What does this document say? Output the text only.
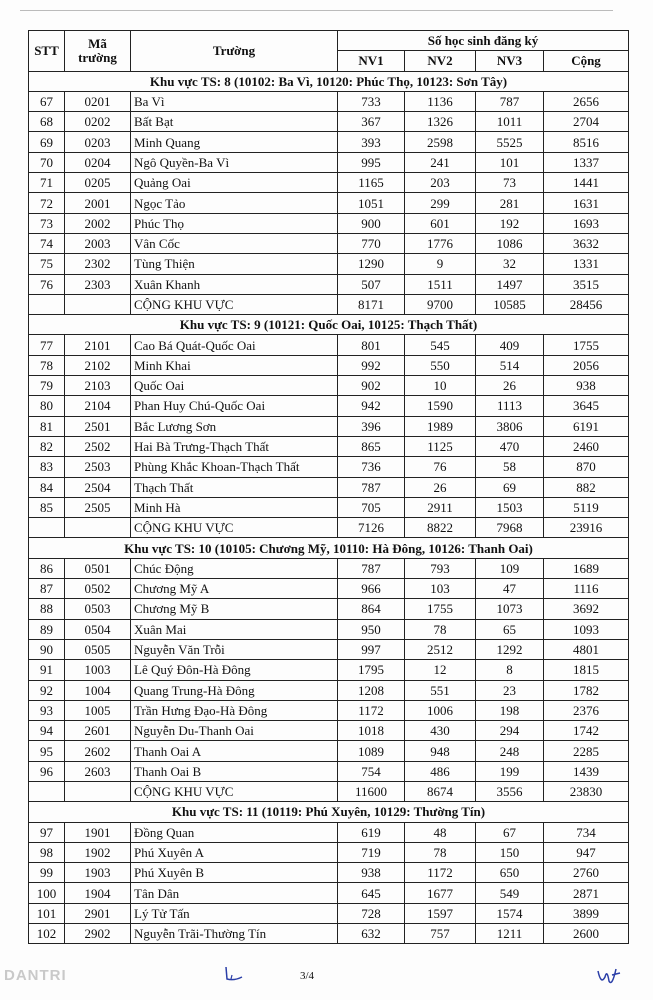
STT	Mã trường	Trường	Số học sinh đăng ký			
			NV1	NV2	NV3	Cộng
Khu vực TS: 8 (10102: Ba Vì, 10120: Phúc Thọ, 10123: Sơn Tây)						
67	0201	Ba Vì	733	1136	787	2656
68	0202	Bất Bạt	367	1326	1011	2704
69	0203	Minh Quang	393	2598	5525	8516
70	0204	Ngô Quyền-Ba Vì	995	241	101	1337
71	0205	Quảng Oai	1165	203	73	1441
72	2001	Ngọc Tảo	1051	299	281	1631
73	2002	Phúc Thọ	900	601	192	1693
74	2003	Vân Cốc	770	1776	1086	3632
75	2302	Tùng Thiện	1290	9	32	1331
76	2303	Xuân Khanh	507	1511	1497	3515
		CỘNG KHU VỰC	8171	9700	10585	28456
Khu vực TS: 9 (10121: Quốc Oai, 10125: Thạch Thất)						
77	2101	Cao Bá Quát-Quốc Oai	801	545	409	1755
78	2102	Minh Khai	992	550	514	2056
79	2103	Quốc Oai	902	10	26	938
80	2104	Phan Huy Chú-Quốc Oai	942	1590	1113	3645
81	2501	Bắc Lương Sơn	396	1989	3806	6191
82	2502	Hai Bà Trưng-Thạch Thất	865	1125	470	2460
83	2503	Phùng Khắc Khoan-Thạch Thất	736	76	58	870
84	2504	Thạch Thất	787	26	69	882
85	2505	Minh Hà	705	2911	1503	5119
		CỘNG KHU VỰC	7126	8822	7968	23916
Khu vực TS: 10 (10105: Chương Mỹ, 10110: Hà Đông, 10126: Thanh Oai)						
86	0501	Chúc Động	787	793	109	1689
87	0502	Chương Mỹ A	966	103	47	1116
88	0503	Chương Mỹ B	864	1755	1073	3692
89	0504	Xuân Mai	950	78	65	1093
90	0505	Nguyễn Văn Trỗi	997	2512	1292	4801
91	1003	Lê Quý Đôn-Hà Đông	1795	12	8	1815
92	1004	Quang Trung-Hà Đông	1208	551	23	1782
93	1005	Trần Hưng Đạo-Hà Đông	1172	1006	198	2376
94	2601	Nguyễn Du-Thanh Oai	1018	430	294	1742
95	2602	Thanh Oai A	1089	948	248	2285
96	2603	Thanh Oai B	754	486	199	1439
		CỘNG KHU VỰC	11600	8674	3556	23830
Khu vực TS: 11 (10119: Phú Xuyên, 10129: Thường Tín)						
97	1901	Đồng Quan	619	48	67	734
98	1902	Phú Xuyên A	719	78	150	947
99	1903	Phú Xuyên B	938	1172	650	2760
100	1904	Tân Dân	645	1677	549	2871
101	2901	Lý Tử Tấn	728	1597	1574	3899
102	2902	Nguyễn Trãi-Thường Tín	632	757	1211	2600
DANTRI	3/4
